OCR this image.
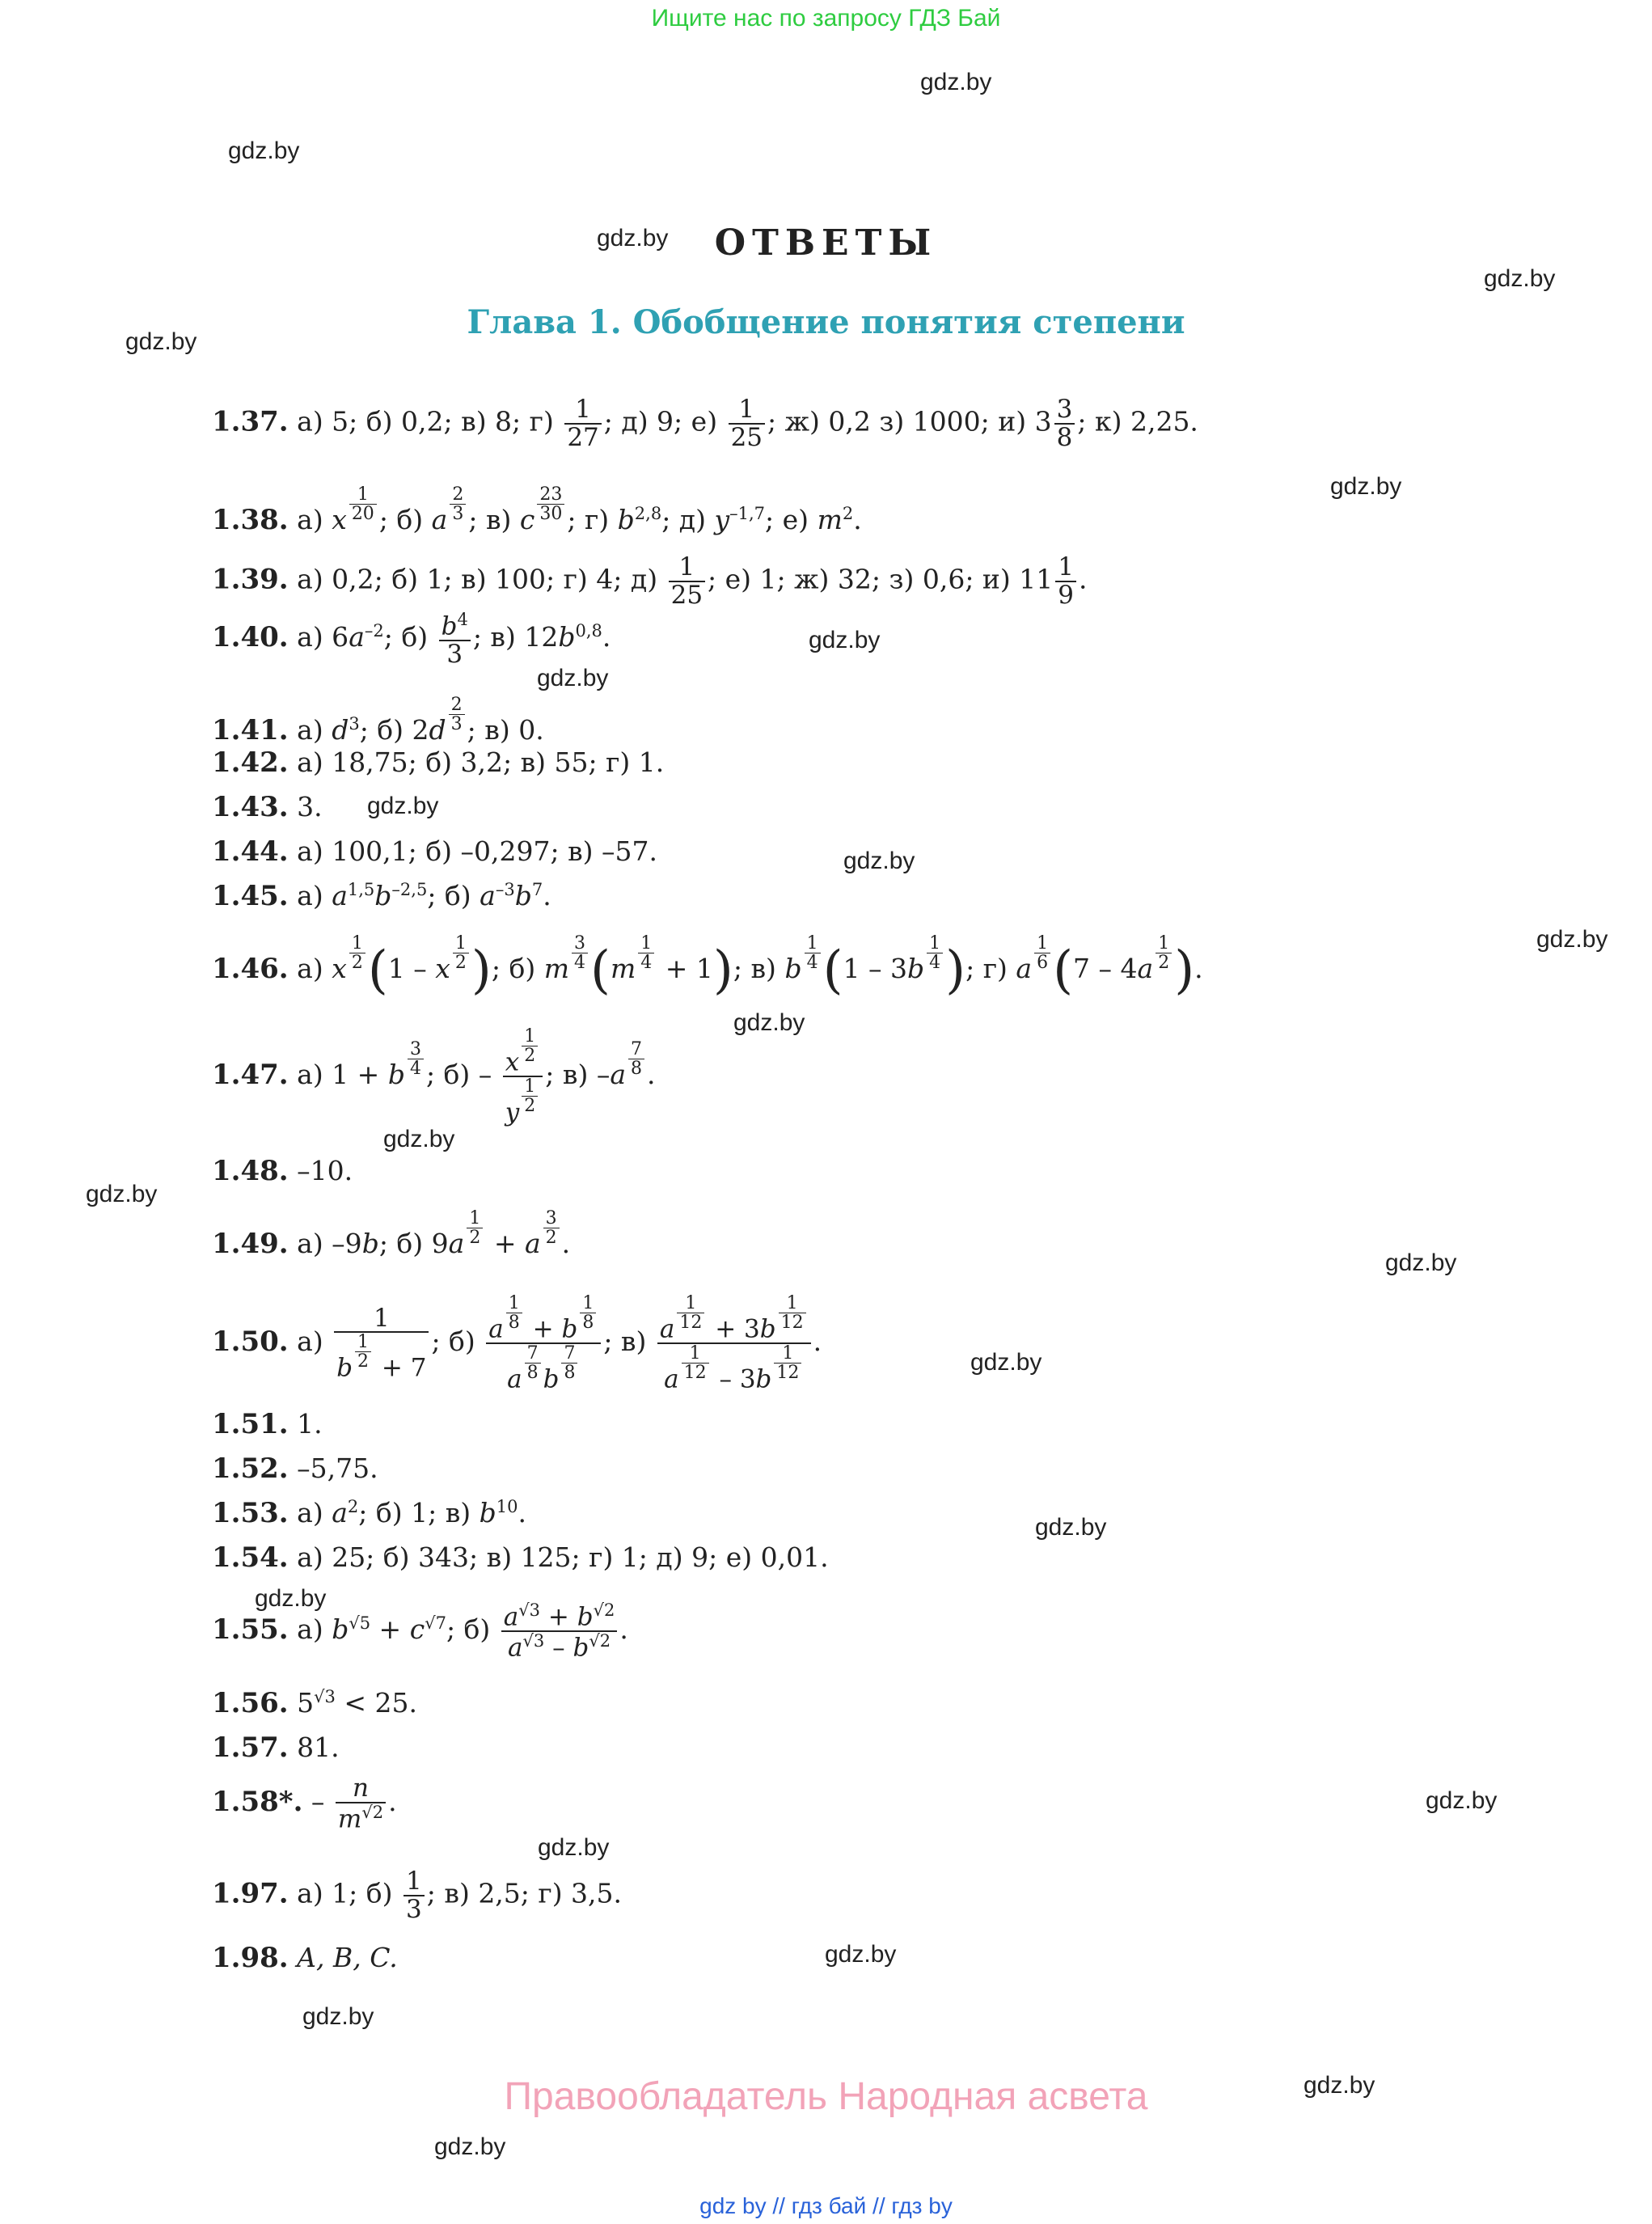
Ищите нас по запросу ГДЗ Бай
gdz.by
gdz.by
gdz.by
gdz.by
gdz.by
gdz.by
gdz.by
gdz.by
gdz.by
gdz.by
gdz.by
gdz.by
gdz.by
gdz.by
gdz.by
gdz.by
gdz.by
gdz.by
gdz.by
gdz.by
gdz.by
gdz.by
gdz.by
gdz.by
ОТВЕТЫ
Глава 1. Обобщение понятия степени
1.37. а) 5; б) 0,2; в) 8; $г) \frac{1}{27}$ ; д) 9; $е) \frac{1}{25}$ ; ж) 0,2 з) 1000; и) $3 \frac{3}{8}$ ; к) 2,25.
1.38. а) x $\frac{1}{20}$ ; б) a $\frac{2}{3}$ ; в) c $\frac{23}{30}$ ; г) $b^{2,8}$; д) $y^{-1,7}$; е) $m^2$.
1.39. а) 0,2; б) 1; в) 100; г) 4; $д) \frac{1}{25}$ ; е) 1; ж) 32; з) 0,6; и) $11 \frac{1}{9}$ .
1.40. а) $6a^{-2}$; $б) \frac{b^4}{3}$ ; в) $12b^{0,8}$.
1.41. а) $d^3$; б) $2d \frac{2}{3}$ ; в) 0.
1.42. а) 18,75; б) 3,2; в) 55; г) 1.
1.43. 3.
1.44. а) 100,1; б) –0,297; в) –57.
1.45. а) $a^{1,5}b^{-2,5}$; б) $a^{-3}b^7$.
1.46. а) x $\frac{1}{2} (1$ – x $\frac{1}{2}$ ); б) m $\frac{3}{4} (m \frac{1}{4} + 1)$; в) b $\frac{1}{4} (1 - 3b \frac{1}{4}$ ); г) a $\frac{1}{6} (7 - 4a \frac{1}{2}$ ).
1.47. а) 1 + b $\frac{3}{4}$ ; $б) - \frac{x \frac{1}{2}}{y \frac{1}{2}}$ ; в) $-a \frac{7}{8}$ .
1.48. –10.
1.49. а) –9b; б) $9a \frac{1}{2} + a \frac{3}{2}$ .
1.50. $а) \frac{1}{b \frac{1}{2} + 7}$ ; $б) \frac{a \frac{1}{8} + b \frac{1}{8}}{a \frac{7}{8} b \frac{7}{8}}$ ; $в) \frac{a \frac{1}{12} + 3b \frac{1}{12}}{a \frac{1}{12} - 3b \frac{1}{12}}$ .
1.51. 1.
1.52. –5,75.
1.53. а) $a^2$; б) 1; в) $b^{10}$.
1.54. а) 25; б) 343; в) 125; г) 1; д) 9; е) 0,01.
1.55. а) $b^{√5} + c^{√7}$; $б) \frac{a^{√3} + b^{√2}}{a^{√3} - b^{√2}}$ .
1.56. $5^{√3} < 25$.
1.57. 81.
1.58*. – $\frac{n}{m^{√2}}$ .
1.97. а) 1; $б) \frac{1}{3}$ ; в) 2,5; г) 3,5.
1.98. A, B, C.
Правообладатель Народная асвета
gdz by // гдз бай // гдз by
